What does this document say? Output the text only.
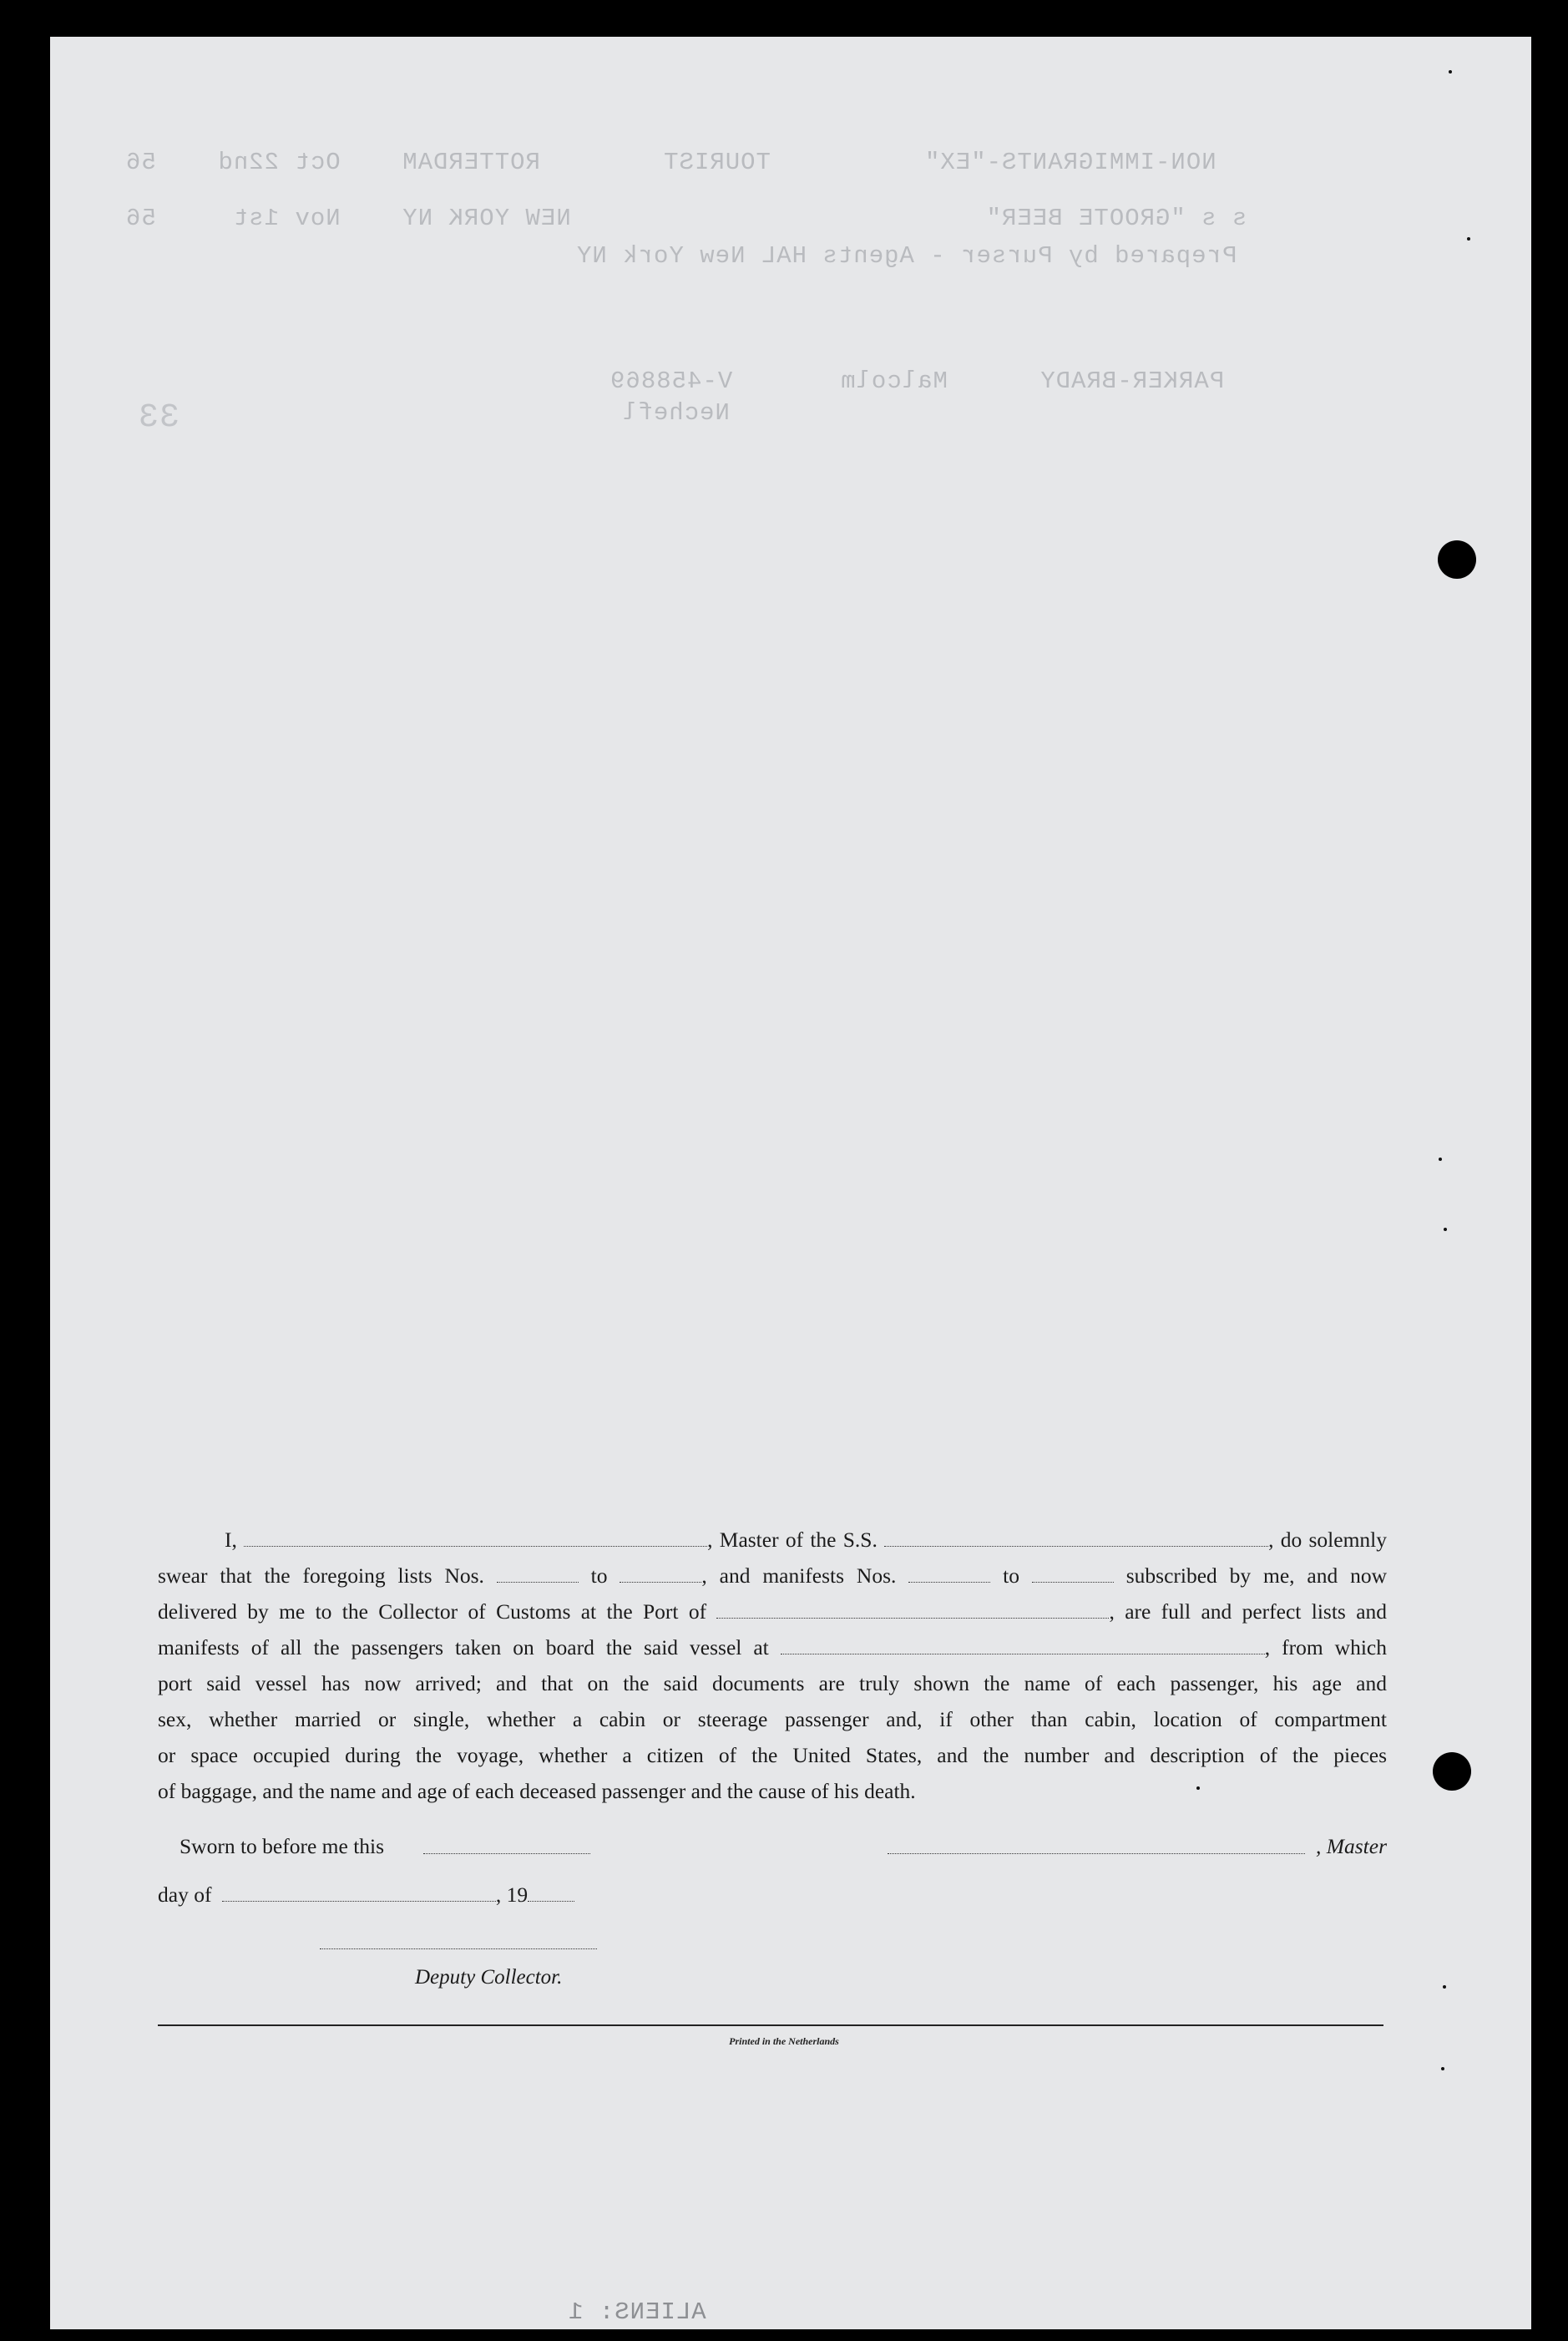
NON-IMMIGRANTS-"EX"          TOURIST        ROTTERDAM    Oct 22nd    56
s s "GROOTE BEER"                           NEW YORK NY    Nov 1st     56
Prepared by Purser - Agents HAL New York NY
PARKER-BRADY      Malcolm       V-458869
Nechefl
33
ALIENS: 1

I,	, Master of the S.S.	, do solemnly

swear that the foregoing lists Nos.	to	, and manifests Nos.	to	subscribed by me, and now

delivered by me to the Collector of Customs at the Port of	, are full and perfect lists and

manifests of all the passengers taken on board the said vessel at	, from which

port said vessel has now arrived; and that on the said documents are truly shown the name of each passenger, his age and

sex, whether married or single, whether a cabin or steerage passenger and, if other than cabin, location of compartment

or space occupied during the voyage, whether a citizen of the United States, and the number and description of the pieces

of baggage, and the name and age of each deceased passenger and the cause of his death.

Sworn to before me this	, Master
day of	, 19
Deputy Collector.
Printed in the Netherlands
